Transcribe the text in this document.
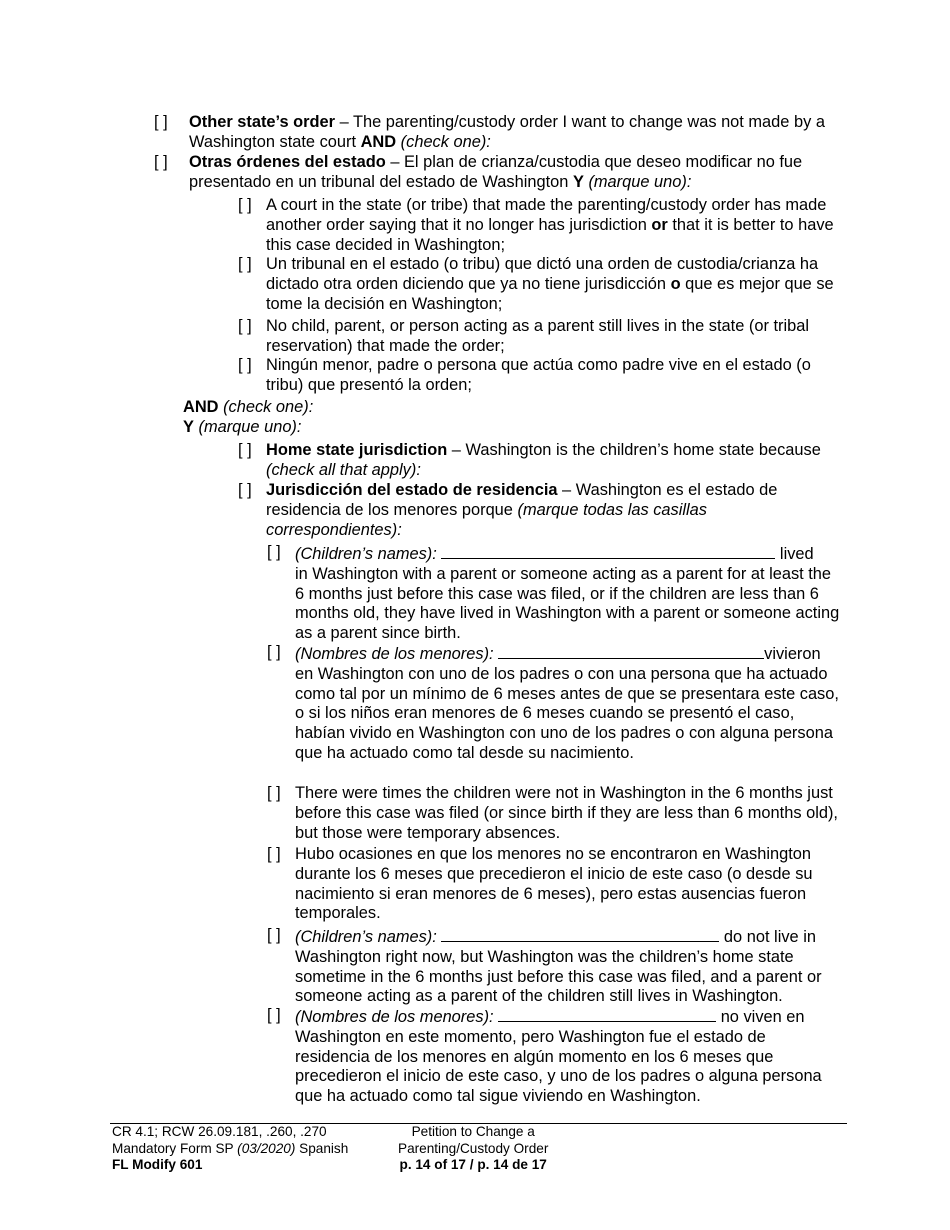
[ ] Other state’s order – The parenting/custody order I want to change was not made by a Washington state court AND (check one):
[ ] Otras órdenes del estado – El plan de crianza/custodia que deseo modificar no fue presentado en un tribunal del estado de Washington Y (marque uno):
[ ] A court in the state (or tribe) that made the parenting/custody order has made another order saying that it no longer has jurisdiction or that it is better to have this case decided in Washington;
[ ] Un tribunal en el estado (o tribu) que dictó una orden de custodia/crianza ha dictado otra orden diciendo que ya no tiene jurisdicción o que es mejor que se tome la decisión en Washington;
[ ] No child, parent, or person acting as a parent still lives in the state (or tribal reservation) that made the order;
[ ] Ningún menor, padre o persona que actúa como padre vive en el estado (o tribu) que presentó la orden;
AND (check one):
Y (marque uno):
[ ] Home state jurisdiction – Washington is the children’s home state because (check all that apply):
[ ] Jurisdicción del estado de residencia – Washington es el estado de residencia de los menores porque (marque todas las casillas correspondientes):
[ ] (Children’s names):	lived
in Washington with a parent or someone acting as a parent for at least the 6 months just before this case was filed, or if the children are less than 6 months old, they have lived in Washington with a parent or someone acting as a parent since birth.
[ ] (Nombres de los menores):	vivieron
en Washington con uno de los padres o con una persona que ha actuado como tal por un mínimo de 6 meses antes de que se presentara este caso, o si los niños eran menores de 6 meses cuando se presentó el caso, habían vivido en Washington con uno de los padres o con alguna persona que ha actuado como tal desde su nacimiento.
[ ] There were times the children were not in Washington in the 6 months just before this case was filed (or since birth if they are less than 6 months old), but those were temporary absences.
[ ] Hubo ocasiones en que los menores no se encontraron en Washington durante los 6 meses que precedieron el inicio de este caso (o desde su nacimiento si eran menores de 6 meses), pero estas ausencias fueron temporales.
[ ] (Children’s names):	do not live in
Washington right now, but Washington was the children’s home state sometime in the 6 months just before this case was filed, and a parent or someone acting as a parent of the children still lives in Washington.
[ ] (Nombres de los menores):	no viven en
Washington en este momento, pero Washington fue el estado de residencia de los menores en algún momento en los 6 meses que precedieron el inicio de este caso, y uno de los padres o alguna persona que ha actuado como tal sigue viviendo en Washington.
CR 4.1; RCW 26.09.181, .260, .270
Mandatory Form SP (03/2020) Spanish
FL Modify 601
Petition to Change a
Parenting/Custody Order
p. 14 of 17 / p. 14 de 17
